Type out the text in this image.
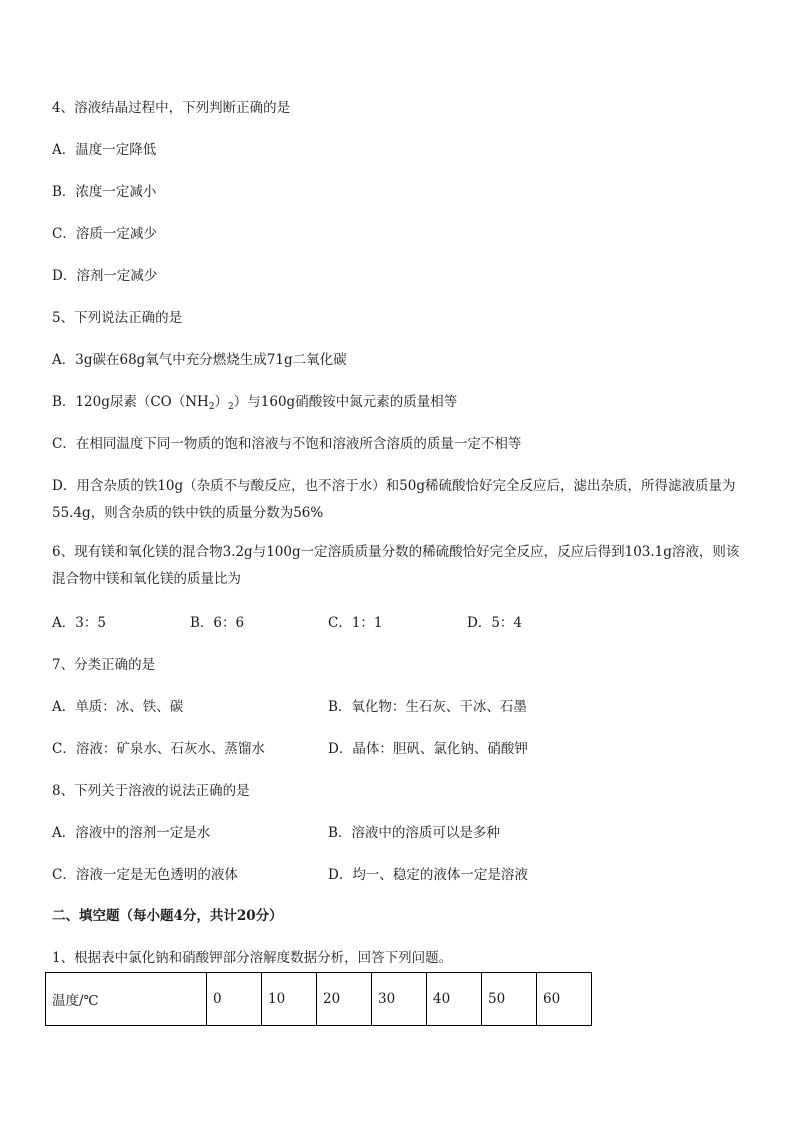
4、溶液结晶过程中，下列判断正确的是
A．温度一定降低
B．浓度一定减小
C．溶质一定减少
D．溶剂一定减少
5、下列说法正确的是
A．3g碳在68g氧气中充分燃烧生成71g二氧化碳
B．120g尿素$(CO(NH_2)_2)$与160g硝酸铵中氮元素的质量相等
C．在相同温度下同一物质的饱和溶液与不饱和溶液所含溶质的质量一定不相等
D．用含杂质的铁10g（杂质不与酸反应，也不溶于水）和50g稀硫酸恰好完全反应后，滤出杂质，所得滤液质量为55.4g，则含杂质的铁中铁的质量分数为56%
6、现有镁和氧化镁的混合物3.2g与100g一定溶质质量分数的稀硫酸恰好完全反应，反应后得到103.1g溶液，则该混合物中镁和氧化镁的质量比为
A．3：5	B．6：6	C．1：1	D．5：4
7、分类正确的是
A．单质：冰、铁、碳	B．氧化物：生石灰、干冰、石墨
C．溶液：矿泉水、石灰水、蒸馏水	D．晶体：胆矾、氯化钠、硝酸钾
8、下列关于溶液的说法正确的是
A．溶液中的溶剂一定是水	B．溶液中的溶质可以是多种
C．溶液一定是无色透明的液体	D．均一、稳定的液体一定是溶液
二、填空题（每小题4分，共计20分）
1、根据表中氯化钠和硝酸钾部分溶解度数据分析，回答下列问题。
温度/℃	0	10	20	30	40	50	60
